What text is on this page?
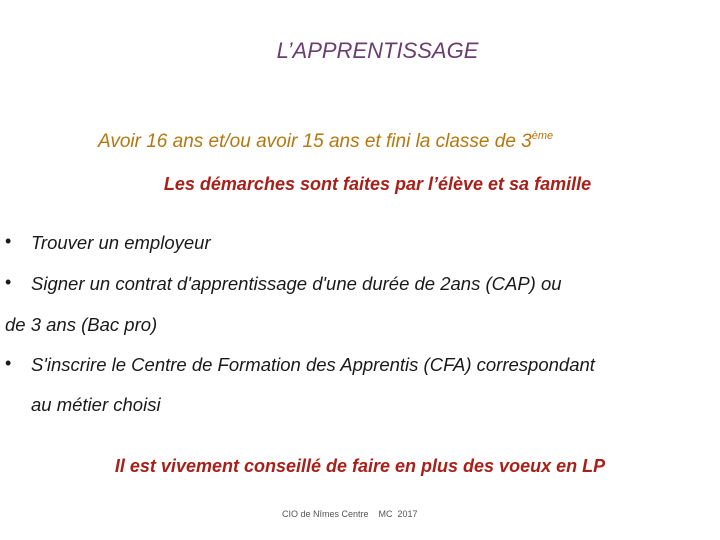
L’APPRENTISSAGE
Avoir 16 ans et/ou avoir 15 ans et fini la classe de 3ème
Les démarches sont faites par l’élève et sa famille
• Trouver un employeur
• Signer un contrat d'apprentissage d'une durée de 2ans (CAP) ou
de 3 ans (Bac pro)
• S'inscrire le Centre de Formation des Apprentis (CFA) correspondant
au métier choisi
Il est vivement conseillé de faire en plus des voeux en LP
CIO de Nîmes Centre    MC  2017
